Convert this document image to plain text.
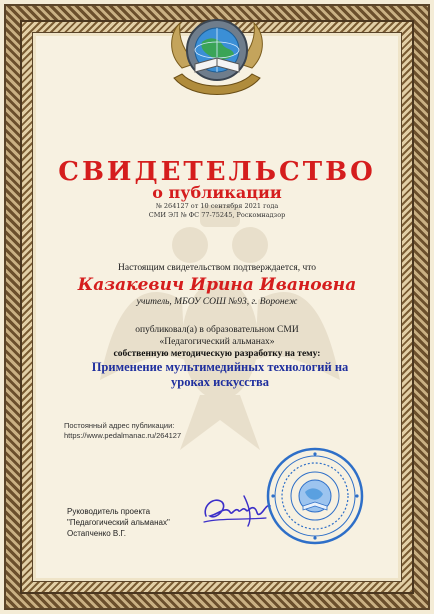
СВИДЕТЕЛЬСТВО
о публикации
№ 264127 от 10 сентября 2021 года
СМИ ЭЛ № ФС 77-75245, Роскомнадзор
Настоящим свидетельством подтверждается, что
Казакевич Ирина Ивановна
учитель, МБОУ СОШ №93, г. Воронеж
опубликовал(а) в образовательном СМИ
«Педагогический альманах»
собственную методическую разработку на тему:
Применение мультимедийных технологий на уроках искусства
Постоянный адрес публикации:
https://www.pedalmanac.ru/264127
Руководитель проекта
"Педагогический альманах"
Остапченко В.Г.
